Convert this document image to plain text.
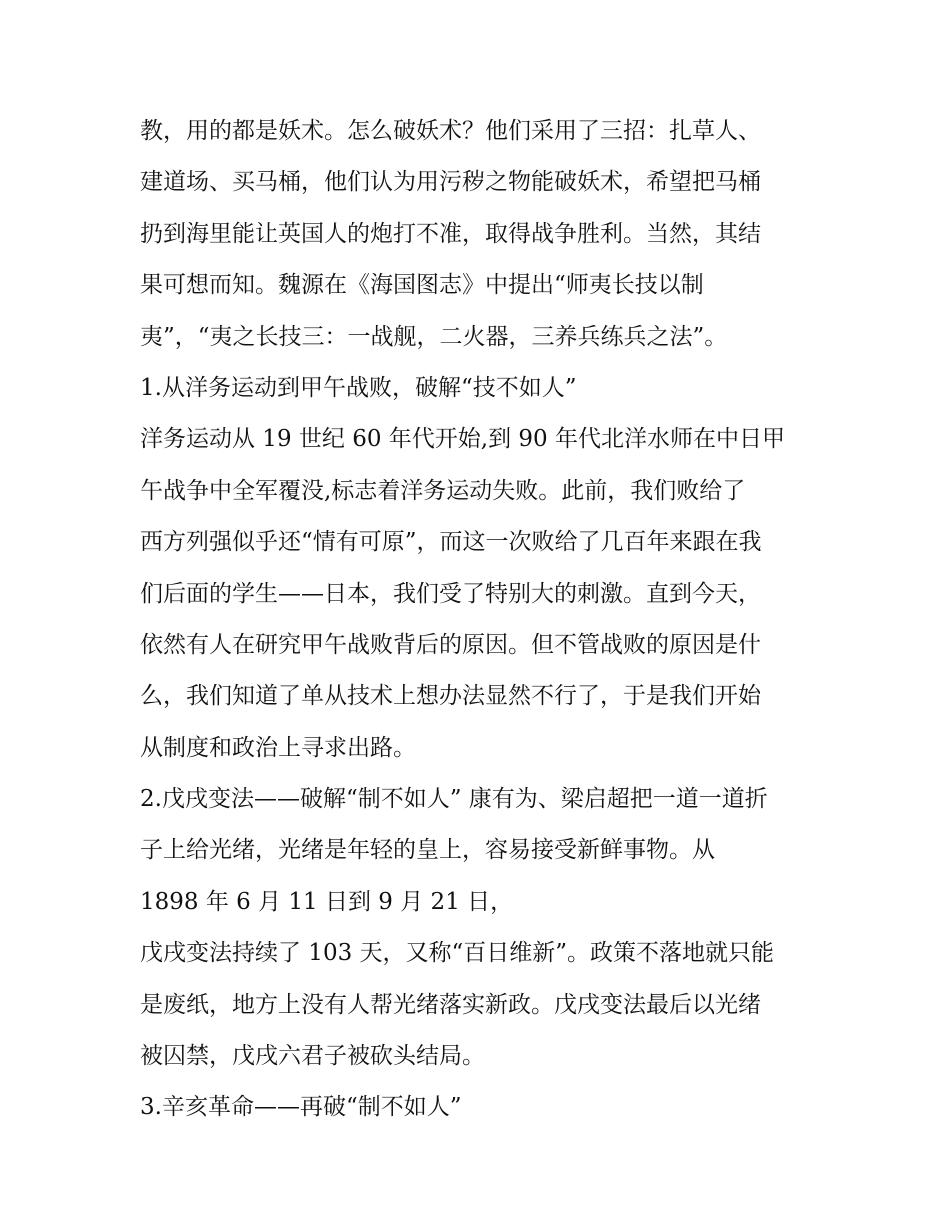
教，用的都是妖术。怎么破妖术？他们采用了三招：扎草人、
建道场、买马桶，他们认为用污秽之物能破妖术，希望把马桶
扔到海里能让英国人的炮打不准，取得战争胜利。当然，其结
果可想而知。魏源在《海国图志》中提出“师夷长技以制
夷”，“夷之长技三：一战舰，二火器，三养兵练兵之法”。
1.从洋务运动到甲午战败，破解“技不如人”
洋务运动从 19 世纪 60 年代开始,到 90 年代北洋水师在中日甲
午战争中全军覆没,标志着洋务运动失败。此前，我们败给了
西方列强似乎还“情有可原”，而这一次败给了几百年来跟在我
们后面的学生——日本，我们受了特别大的刺激。直到今天，
依然有人在研究甲午战败背后的原因。但不管战败的原因是什
么，我们知道了单从技术上想办法显然不行了，于是我们开始
从制度和政治上寻求出路。
2.戊戌变法——破解“制不如人” 康有为、梁启超把一道一道折
子上给光绪，光绪是年轻的皇上，容易接受新鲜事物。从
1898 年 6 月 11 日到 9 月 21 日，
戊戌变法持续了 103 天，又称“百日维新”。政策不落地就只能
是废纸，地方上没有人帮光绪落实新政。戊戌变法最后以光绪
被囚禁，戊戌六君子被砍头结局。
3.辛亥革命——再破“制不如人”
